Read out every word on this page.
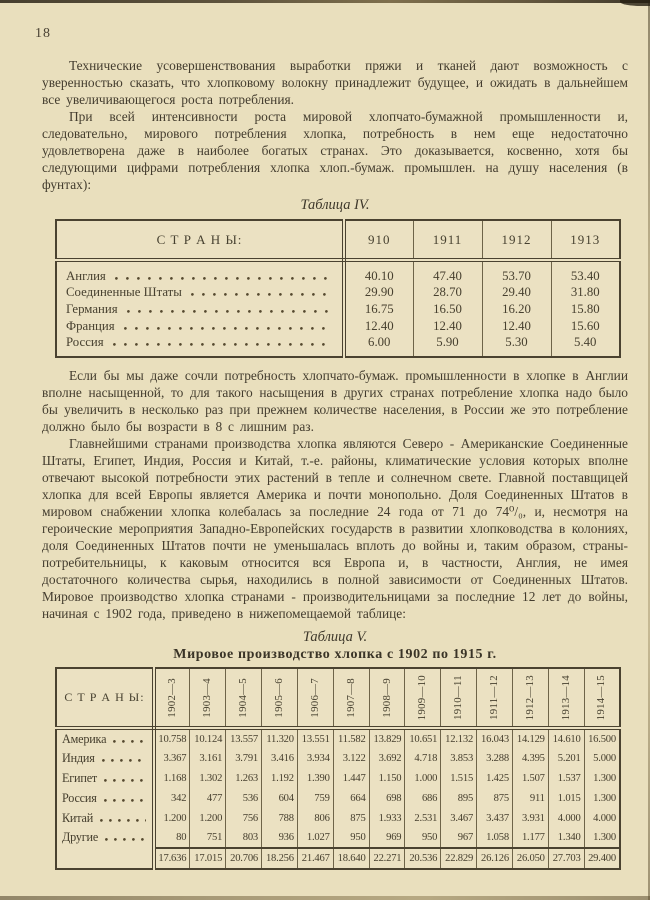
18

Технические усовершенствования выработки пряжи и тканей дают возможность с уверенностью сказать, что хлопковому волокну принадлежит будущее, и ожидать в дальнейшем все увеличивающегося роста потребления.

При всей интенсивности роста мировой хлопчато-бумажной промышленности и, следовательно, мирового потребления хлопка, потребность в нем еще недостаточно удовлетворена даже в наиболее богатых странах. Это доказывается, косвенно, хотя бы следующими цифрами потребления хлопка хлоп.-бумаж. промышлен. на душу населения (в фунтах):

Таблица IV.
С Т Р А Н Ы:	910	1911	1912	1913

Англия	40.10	47.40	53.70	53.40

Соединенные Штаты	29.90	28.70	29.40	31.80

Германия	16.75	16.50	16.20	15.80

Франция	12.40	12.40	12.40	15.60

Россия	6.00	5.90	5.30	5.40

Если бы мы даже сочли потребность хлопчато-бумаж. промышленности в хлопке в Англии вполне насыщенной, то для такого насыщения в других странах потребление хлопка надо было бы увеличить в несколько раз при прежнем количестве населения, в России же это потребление должно было бы возрасти в 8 с лишним раз.

Главнейшими странами производства хлопка являются Северо - Американские Соединенные Штаты, Египет, Индия, Россия и Китай, т.-е. районы, климатические условия которых вполне отвечают высокой потребности этих растений в тепле и солнечном свете. Главной поставщицей хлопка для всей Европы является Америка и почти монопольно. Доля Соединенных Штатов в мировом снабжении хлопка колебалась за последние 24 года от 71 до 74⁰/₀, и, несмотря на героические мероприятия Западно-Европейских государств в развитии хлопководства в колониях, доля Соединенных Штатов почти не уменьшалась вплоть до войны и, таким образом, страны-потребительницы, к каковым относится вся Европа и, в частности, Англия, не имея достаточного количества сырья, находились в полной зависимости от Соединенных Штатов. Мировое производство хлопка странами - производительницами за последние 12 лет до войны, начиная с 1902 года, приведено в нижепомещаемой таблице:

Таблица V.
Мировое производство хлопка с 1902 по 1915 г.
С Т Р А Н Ы:	1902—3	1903—4	1904—5	1905—6	1906—7	1907—8	1908—9	1909—10	1910—11	1911—12	1912—13	1913—14	1914—15

Америка	10.758	10.124	13.557	11.320	13.551	11.582	13.829	10.651	12.132	16.043	14.129	14.610	16.500

Индия	3.367	3.161	3.791	3.416	3.934	3.122	3.692	4.718	3.853	3.288	4.395	5.201	5.000

Египет	1.168	1.302	1.263	1.192	1.390	1.447	1.150	1.000	1.515	1.425	1.507	1.537	1.300

Россия	342	477	536	604	759	664	698	686	895	875	911	1.015	1.300

Китай	1.200	1.200	756	788	806	875	1.933	2.531	3.467	3.437	3.931	4.000	4.000

Другие	80	751	803	936	1.027	950	969	950	967	1.058	1.177	1.340	1.300
	17.636	17.015	20.706	18.256	21.467	18.640	22.271	20.536	22.829	26.126	26.050	27.703	29.400
